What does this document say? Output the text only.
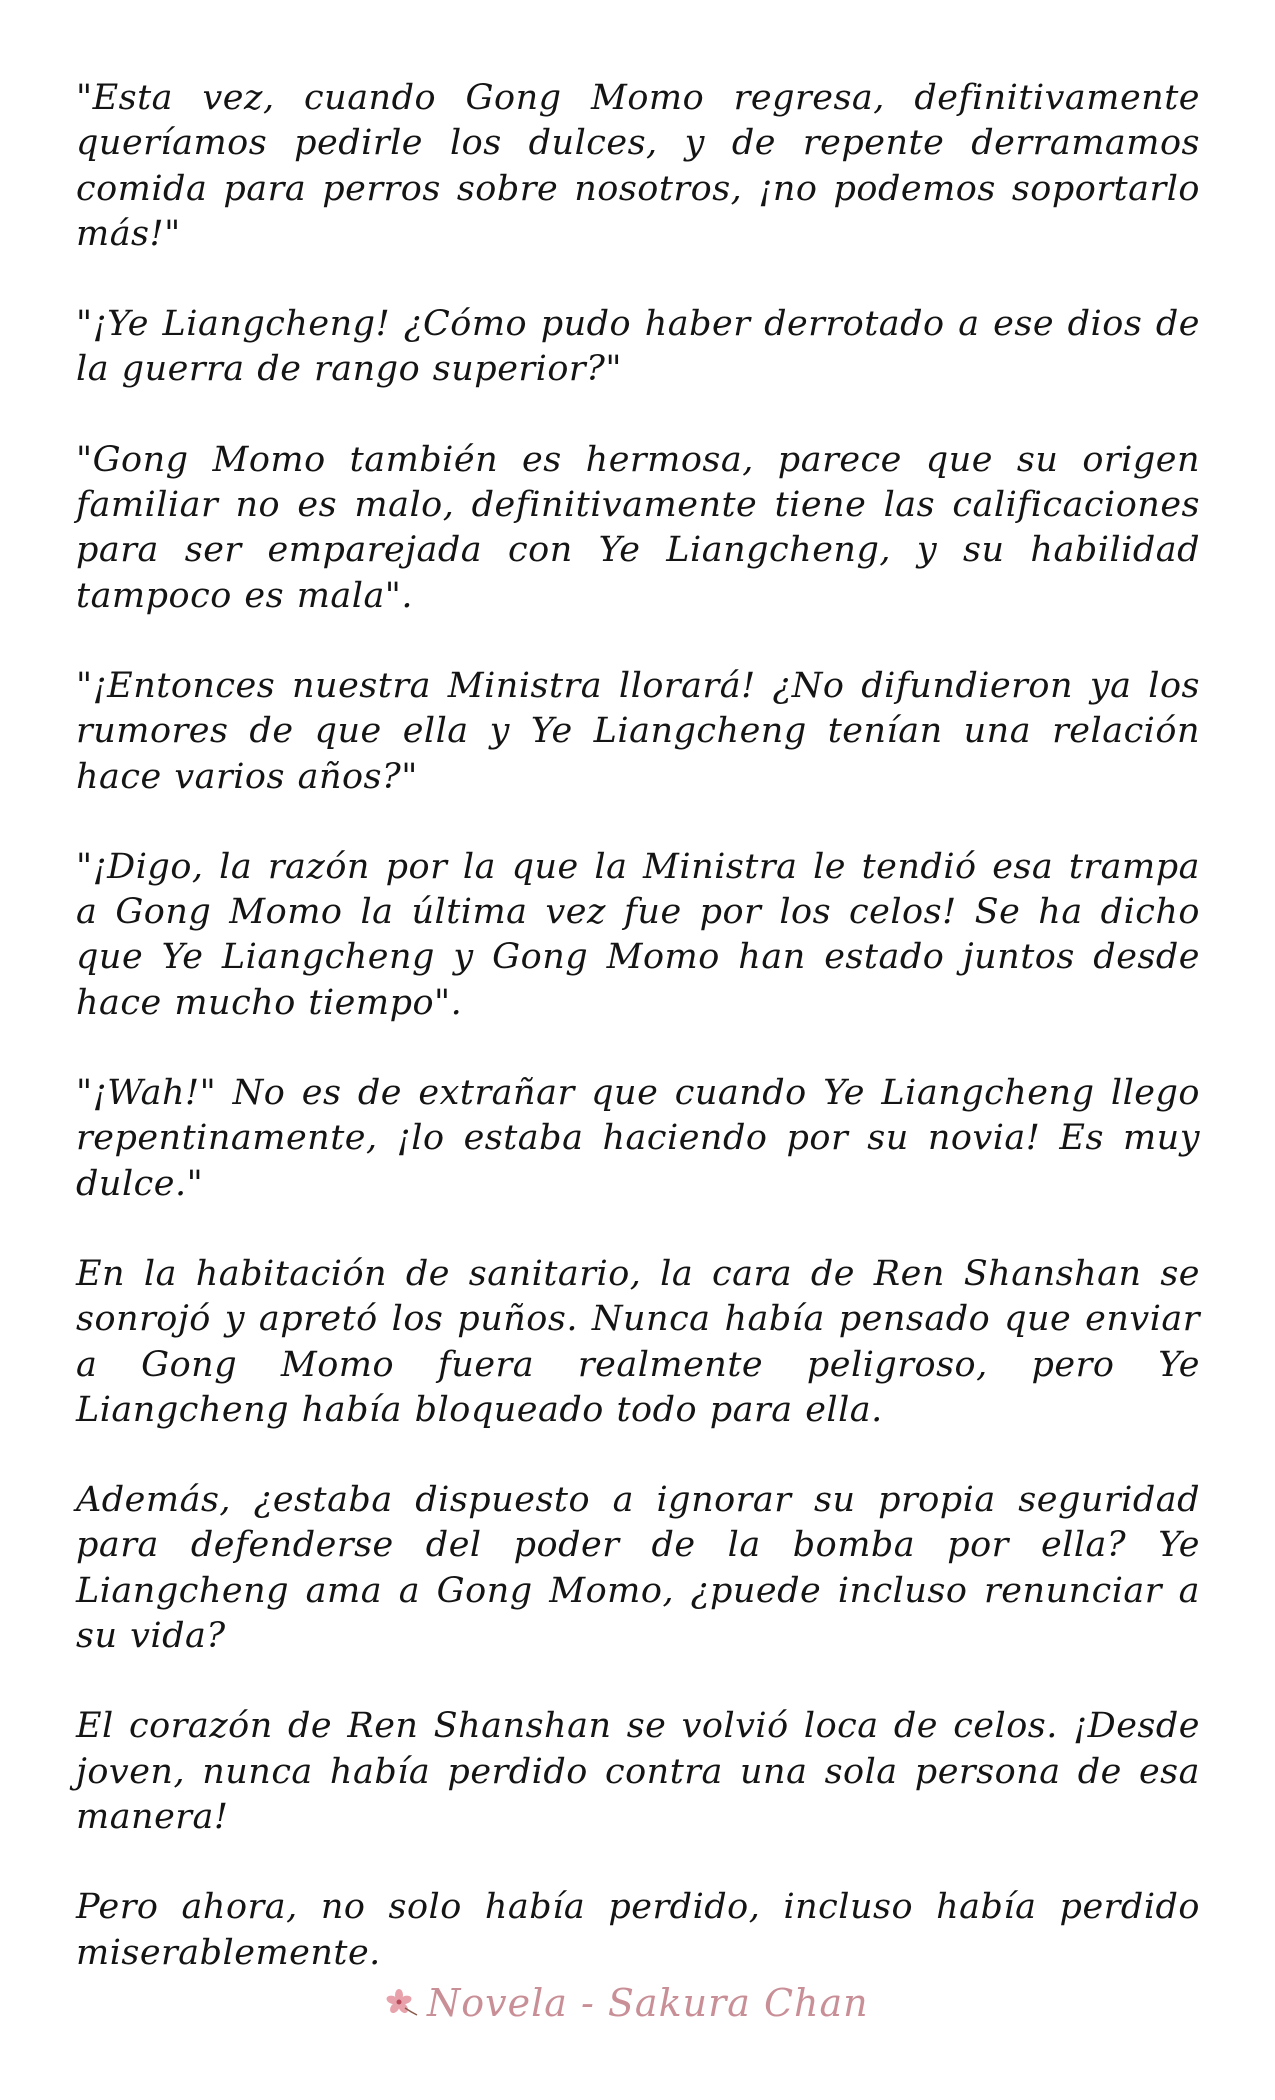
"Esta vez, cuando Gong Momo regresa, definitivamente queríamos pedirle los dulces, y de repente derramamos comida para perros sobre nosotros, ¡no podemos soportarlo más!"

"¡Ye Liangcheng! ¿Cómo pudo haber derrotado a ese dios de la guerra de rango superior?"

"Gong Momo también es hermosa, parece que su origen familiar no es malo, definitivamente tiene las calificaciones para ser emparejada con Ye Liangcheng, y su habilidad tampoco es mala".

"¡Entonces nuestra Ministra llorará! ¿No difundieron ya los rumores de que ella y Ye Liangcheng tenían una relación hace varios años?"

"¡Digo, la razón por la que la Ministra le tendió esa trampa a Gong Momo la última vez fue por los celos! Se ha dicho que Ye Liangcheng y Gong Momo han estado juntos desde hace mucho tiempo".

"¡Wah!" No es de extrañar que cuando Ye Liangcheng llego repentinamente, ¡lo estaba haciendo por su novia! Es muy dulce."

En la habitación de sanitario, la cara de Ren Shanshan se sonrojó y apretó los puños. Nunca había pensado que enviar a Gong Momo fuera realmente peligroso, pero Ye Liangcheng había bloqueado todo para ella.

Además, ¿estaba dispuesto a ignorar su propia seguridad para defenderse del poder de la bomba por ella? Ye Liangcheng ama a Gong Momo, ¿puede incluso renunciar a su vida?

El corazón de Ren Shanshan se volvió loca de celos. ¡Desde joven, nunca había perdido contra una sola persona de esa manera!

Pero ahora, no solo había perdido, incluso había perdido miserablemente.

Novela - Sakura Chan
